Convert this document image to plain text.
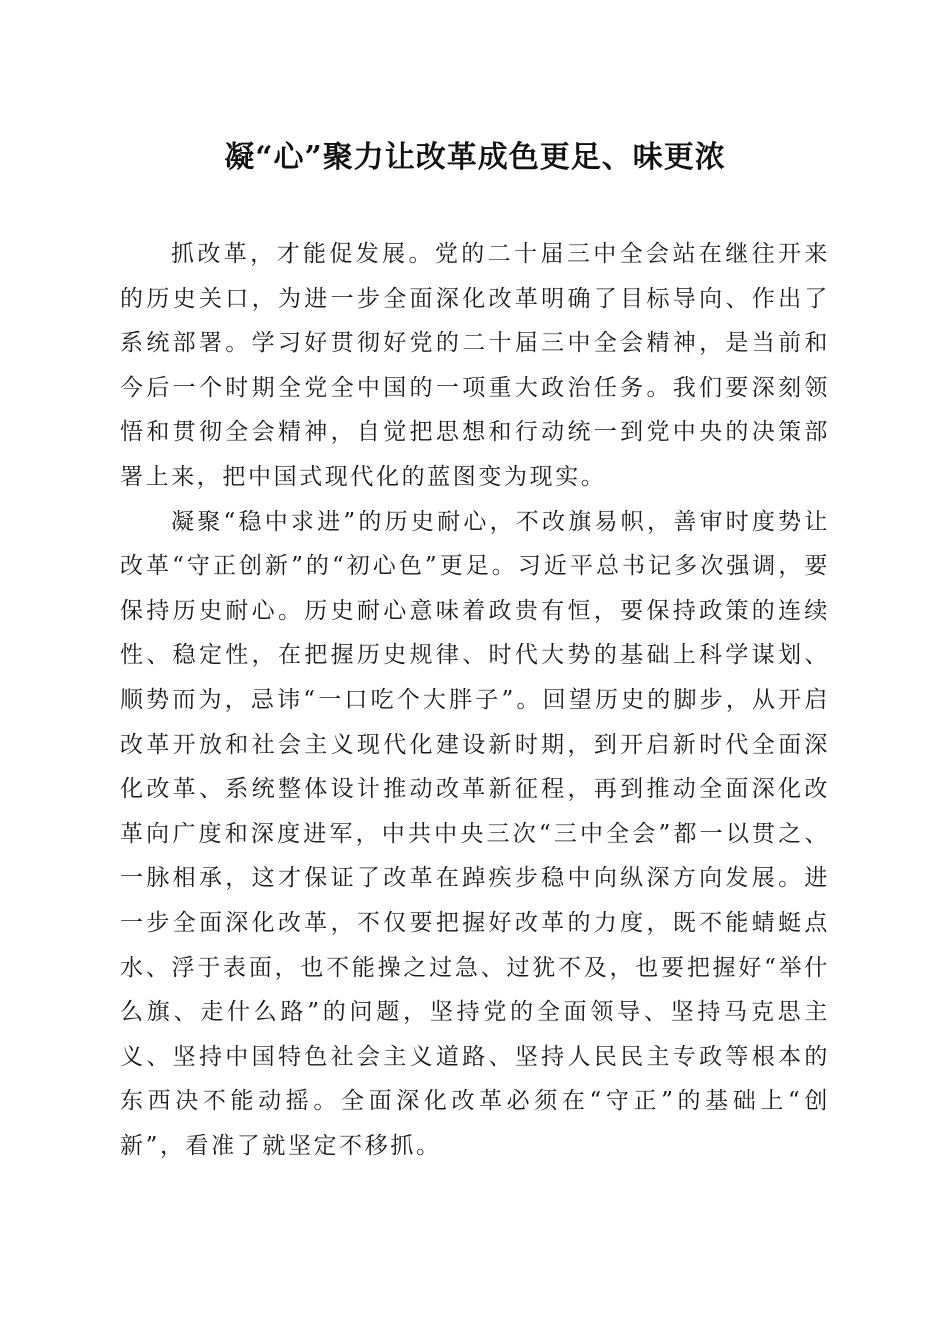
凝“心”聚力让改革成色更足、味更浓

抓改革，才能促发展。党的二十届三中全会站在继往开来的历史关口，为进一步全面深化改革明确了目标导向、作出了系统部署。学习好贯彻好党的二十届三中全会精神，是当前和今后一个时期全党全中国的一项重大政治任务。我们要深刻领悟和贯彻全会精神，自觉把思想和行动统一到党中央的决策部署上来，把中国式现代化的蓝图变为现实。

凝聚“稳中求进”的历史耐心，不改旗易帜，善审时度势让改革“守正创新”的“初心色”更足。习近平总书记多次强调，要保持历史耐心。历史耐心意味着政贵有恒，要保持政策的连续性、稳定性，在把握历史规律、时代大势的基础上科学谋划、顺势而为，忌讳“一口吃个大胖子”。回望历史的脚步，从开启改革开放和社会主义现代化建设新时期，到开启新时代全面深化改革、系统整体设计推动改革新征程，再到推动全面深化改革向广度和深度进军，中共中央三次“三中全会”都一以贯之、一脉相承，这才保证了改革在踔疾步稳中向纵深方向发展。进一步全面深化改革，不仅要把握好改革的力度，既不能蜻蜓点水、浮于表面，也不能操之过急、过犹不及，也要把握好“举什么旗、走什么路”的问题，坚持党的全面领导、坚持马克思主义、坚持中国特色社会主义道路、坚持人民民主专政等根本的东西决不能动摇。全面深化改革必须在“守正”的基础上“创新”，看准了就坚定不移抓。
